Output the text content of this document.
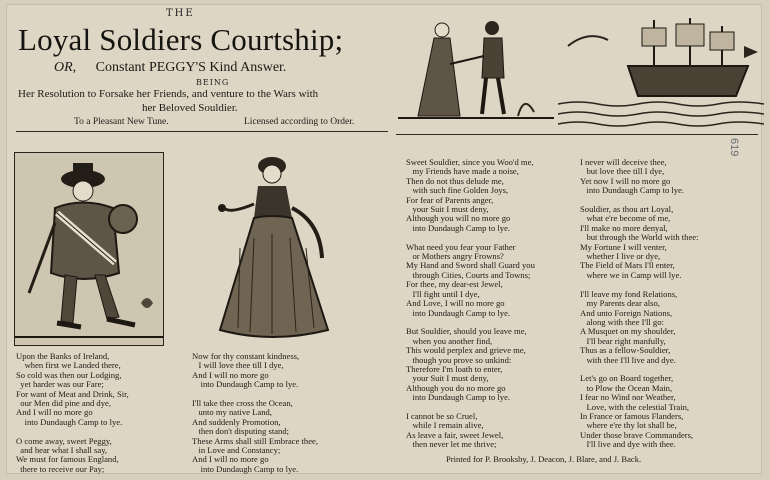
THE
Loyal Soldiers Courtship;
OR, Constant PEGGY'S Kind Answer.
BEING
Her Resolution to Forsake her Friends, and venture to the Wars with
her Beloved Souldier.
To a Pleasant New Tune.	Licensed according to Order.
Upon the Banks of Ireland,
when first we Landed there,
So cold was then our Lodging,
yet harder was our Fare;
For want of Meat and Drink, Sir,
our Men did pine and dye,
And I will no more go
into Dundaugh Camp to lye.

O come away, sweet Peggy,
and hear what I shall say,
We must for famous England,
there to receive our Pay;
Now for thy constant kindness,
I will love thee till I dye,
And I will no more go
into Dundaugh Camp to lye.

I'll take thee cross the Ocean,
unto my native Land,
And suddenly Promotion,
then don't disputing stand;
These Arms shall still Embrace thee,
in Love and Constancy;
And I will no more go
into Dundaugh Camp to lye.
Sweet Souldier, since you Woo'd me,
my Friends have made a noise,
Then do not thus delude me,
with such fine Golden Joys,
For fear of Parents anger,
your Suit I must deny,
Although you will no more go
into Dundaugh Camp to lye.

What need you fear your Father
or Mothers angry Frowns?
My Hand and Sword shall Guard you
through Cities, Courts and Towns;
For thee, my dear-est Jewel,
I'll fight until I dye,
And Love, I will no more go
into Dundaugh Camp to lye.

But Souldier, should you leave me,
when you another find,
This would perplex and grieve me,
though you prove so unkind:
Therefore I'm loath to enter,
your Suit I must deny,
Although you do no more go
into Dundaugh Camp to lye.

I cannot be so Cruel,
while I remain alive,
As leave a fair, sweet Jewel,
then never let me thrive;
I never will deceive thee,
but love thee till I dye,
Yet now I will no more go
into Dundaugh Camp to lye.

Souldier, as thou art Loyal,
what e're become of me,
I'll make no more denyal,
but through the World with thee:
My Fortune I will venter,
whether I live or dye,
The Field of Mars I'll enter,
where we in Camp will lye.

I'll leave my fond Relations,
my Parents dear also,
And unto Foreign Nations,
along with thee I'll go:
A Musquet on my shoulder,
I'll bear right manfully,
Thus as a fellow-Souldier,
with thee I'll live and dye.

Let's go on Board together,
to Plow the Ocean Main,
I fear no Wind nor Weather,
Love, with the celestial Train,
In France or famous Flanders,
where e're thy lot shall be,
Under those brave Commanders,
I'll live and dye with thee.
Printed for P. Brooksby, J. Deacon, J. Blare, and J. Back.
619
